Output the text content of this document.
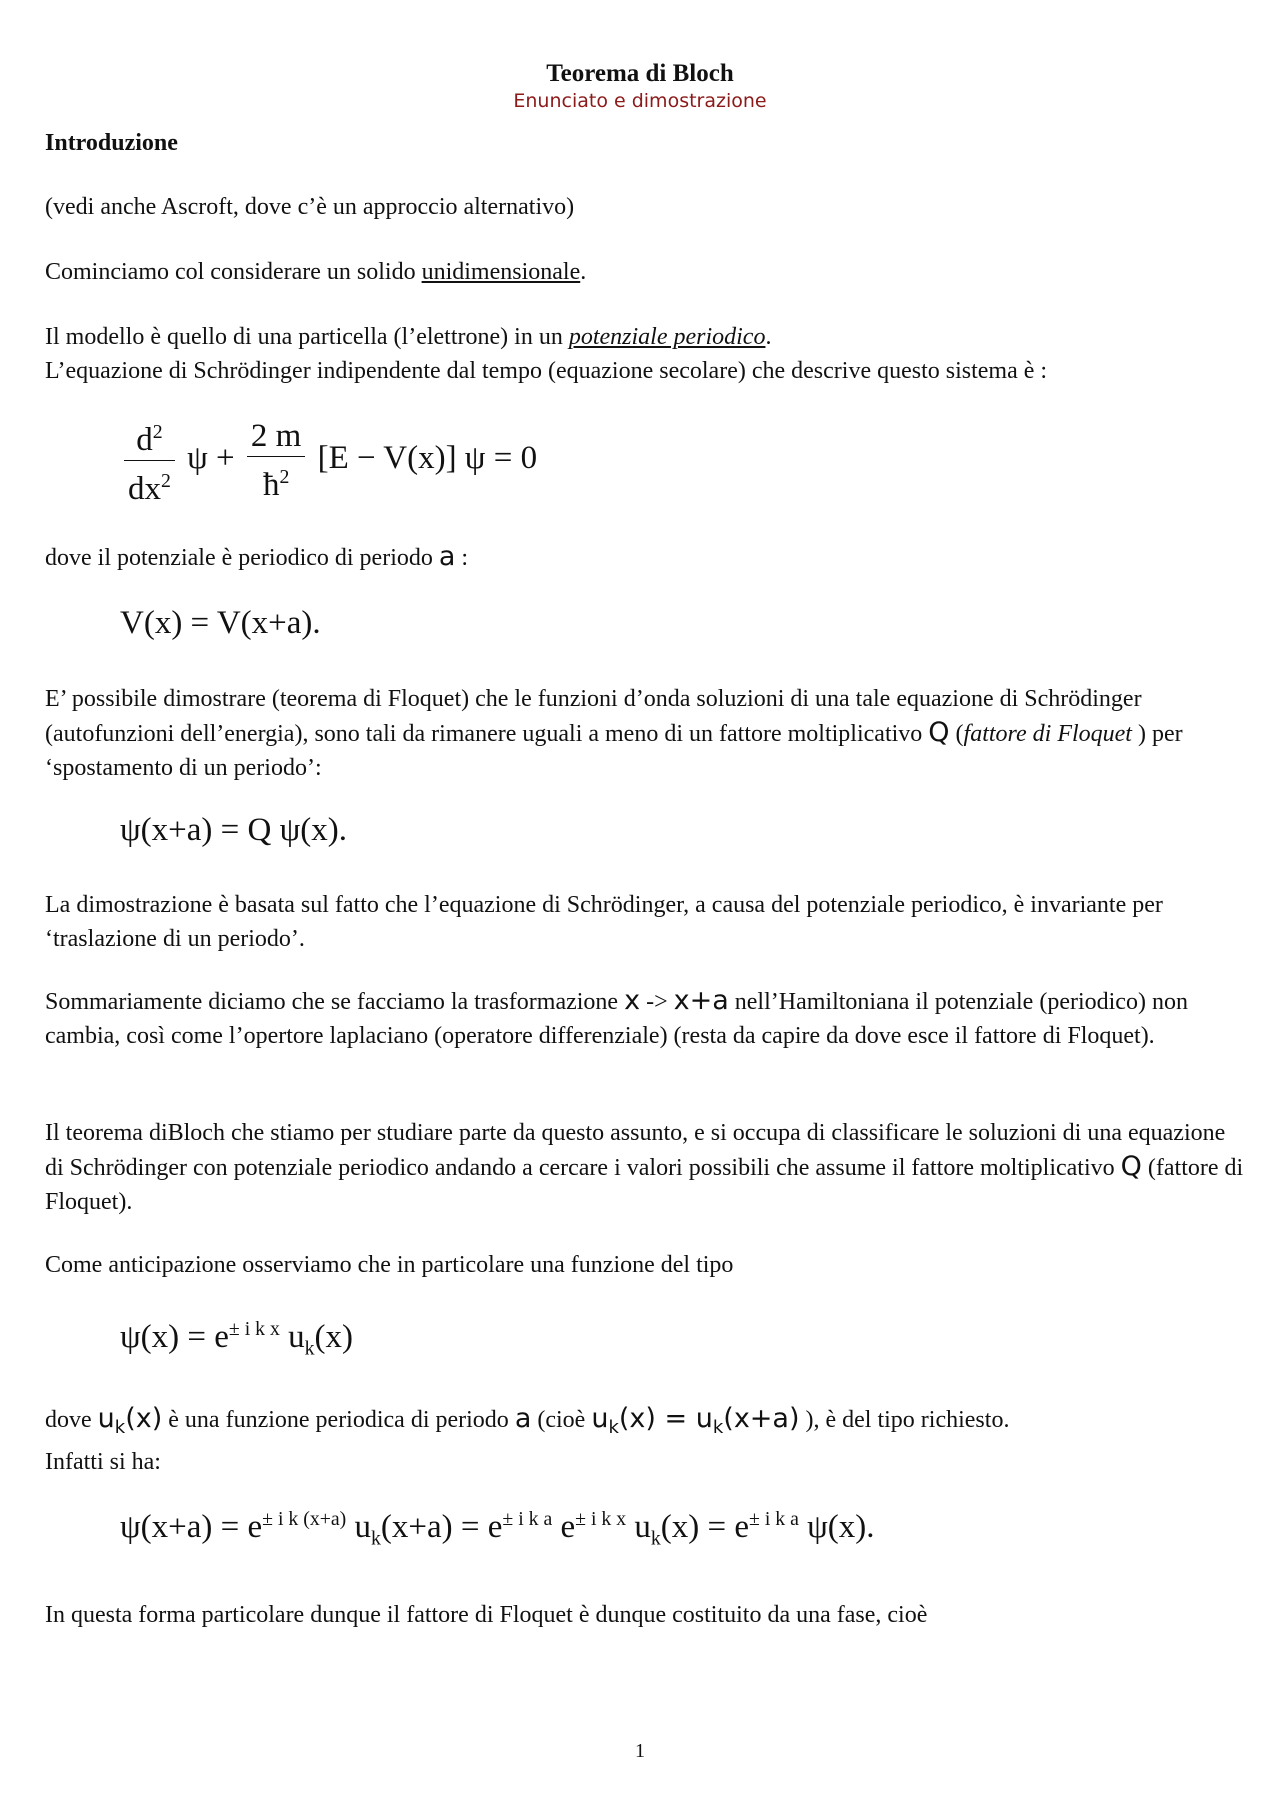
Teorema di Bloch
Enunciato e dimostrazione

Introduzione

(vedi anche Ascroft, dove c’è un approccio alternativo)

Cominciamo col considerare un solido unidimensionale.

Il modello è quello di una particella (l’elettrone) in un potenziale periodico.
L’equazione di Schrödinger indipendente dal tempo (equazione secolare) che descrive questo sistema è :

$\frac{d^2}{dx^2}$ $\psi + \frac{2 m}{ħ^2} [E - V(x)] \psi = 0$

dove il potenziale è periodico di periodo a :

V(x) = V(x+a).

E’ possibile dimostrare (teorema di Floquet) che le funzioni d’onda soluzioni di una tale equazione di Schrödinger (autofunzioni dell’energia), sono tali da rimanere uguali a meno di un fattore moltiplicativo Q (fattore di Floquet ) per ‘spostamento di un periodo’:

ψ(x+a) = Q ψ(x).

La dimostrazione è basata sul fatto che l’equazione di Schrödinger, a causa del potenziale periodico, è invariante per ‘traslazione di un periodo’.

Sommariamente diciamo che se facciamo la trasformazione x -> x+a nell’Hamiltoniana il potenziale (periodico) non cambia, così come l’opertore laplaciano (operatore differenziale) (resta da capire da dove esce il fattore di Floquet).

Il teorema diBloch che stiamo per studiare parte da questo assunto, e si occupa di classificare le soluzioni di una equazione di Schrödinger con potenziale periodico andando a cercare i valori possibili che assume il fattore moltiplicativo Q (fattore di Floquet).

Come anticipazione osserviamo che in particolare una funzione del tipo

$\psi(x) = e^{\pm i k x}$ $u_k(x)$

dove $u_k(x)$ è una funzione periodica di periodo a (cioè $u_k(x) = u_k(x+a)$ ), è del tipo richiesto.
Infatti si ha:

$\psi(x+a) = e^{\pm i k (x+a)}$ $u_k(x+a) = e^{\pm i k a}$ $e^{\pm i k x}$ $u_k(x) = e^{\pm i k a}$ ψ(x).

In questa forma particolare dunque il fattore di Floquet è dunque costituito da una fase, cioè

1
